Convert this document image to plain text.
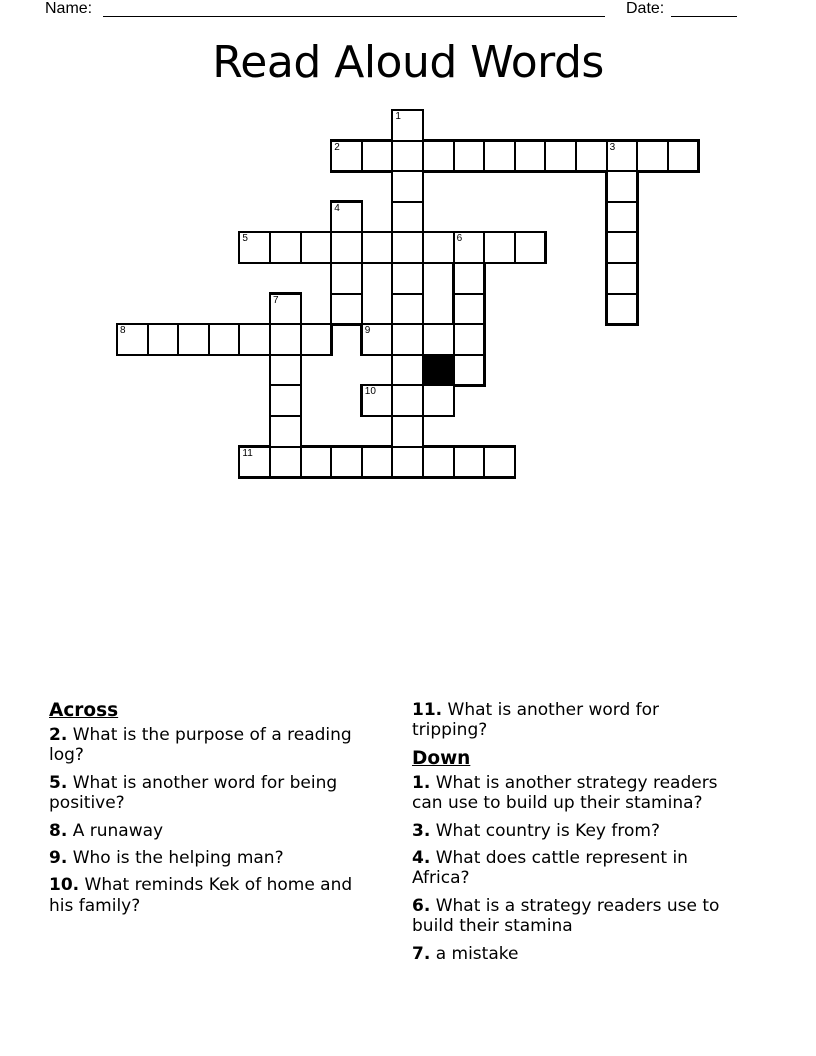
Name:	Date:
Read Aloud Words
1
2	3
4
5	6
7
8	9
10
11
Across

2. What is the purpose of a reading
log?

5. What is another word for being
positive?

8. A runaway

9. Who is the helping man?

10. What reminds Kek of home and
his family?

11. What is another word for
tripping?

Down

1. What is another strategy readers
can use to build up their stamina?

3. What country is Key from?

4. What does cattle represent in
Africa?

6. What is a strategy readers use to
build their stamina

7. a mistake
